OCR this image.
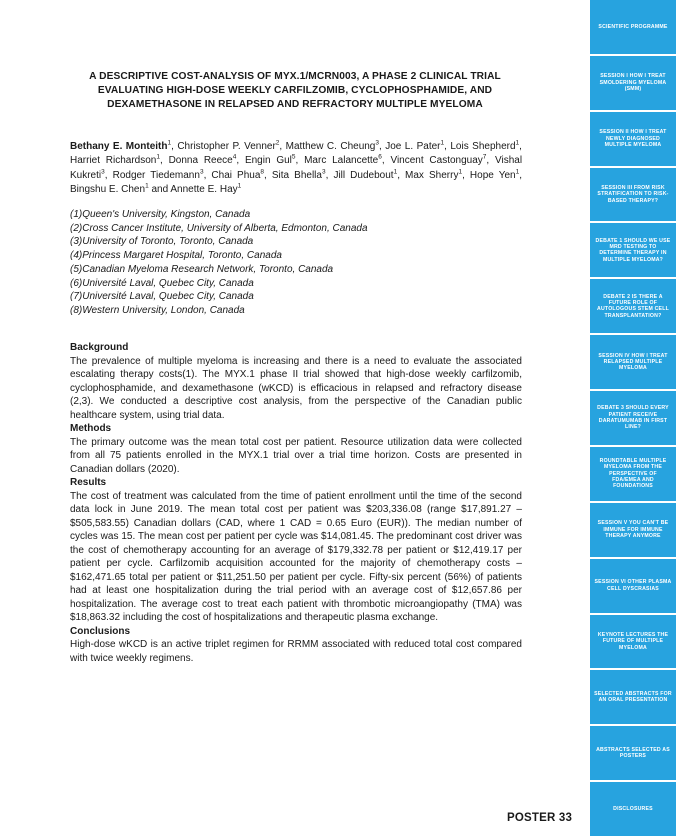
A DESCRIPTIVE COST-ANALYSIS OF MYX.1/MCRN003, A PHASE 2 CLINICAL TRIAL EVALUATING HIGH-DOSE WEEKLY CARFILZOMIB, CYCLOPHOSPHAMIDE, AND DEXAMETHASONE IN RELAPSED AND REFRACTORY MULTIPLE MYELOMA
Bethany E. Monteith$^1$, Christopher P. Venner$^2$, Matthew C. Cheung$^3$, Joe L. Pater$^1$, Lois Shepherd$^1$, Harriet Richardson$^1$, Donna Reece$^4$, Engin Gul$^5$, Marc Lalancette$^6$, Vincent Castonguay$^7$, Vishal Kukreti$^3$, Rodger Tiedemann$^3$, Chai Phua$^8$, Sita Bhella$^3$, Jill Dudebout$^1$, Max Sherry$^1$, Hope Yen$^1$, Bingshu E. Chen$^1$ and Annette E. Hay$^1$
(1)Queen's University, Kingston, Canada
(2)Cross Cancer Institute, University of Alberta, Edmonton, Canada
(3)University of Toronto, Toronto, Canada
(4)Princess Margaret Hospital, Toronto, Canada
(5)Canadian Myeloma Research Network, Toronto, Canada
(6)Université Laval, Quebec City, Canada
(7)Université Laval, Quebec City, Canada
(8)Western University, London, Canada
Background

The prevalence of multiple myeloma is increasing and there is a need to evaluate the associated escalating therapy costs(1). The MYX.1 phase II trial showed that high-dose weekly carfilzomib, cyclophosphamide, and dexamethasone (wKCD) is efficacious in relapsed and refractory disease (2,3). We conducted a descriptive cost analysis, from the perspective of the Canadian public healthcare system, using trial data.

Methods

The primary outcome was the mean total cost per patient. Resource utilization data were collected from all 75 patients enrolled in the MYX.1 trial over a trial time horizon. Costs are presented in Canadian dollars (2020).

Results

The cost of treatment was calculated from the time of patient enrollment until the time of the second data lock in June 2019. The mean total cost per patient was $203,336.08 (range $17,891.27 – $505,583.55) Canadian dollars (CAD, where 1 CAD = 0.65 Euro (EUR)). The median number of cycles was 15. The mean cost per patient per cycle was $14,081.45. The predominant cost driver was the cost of chemotherapy accounting for an average of $179,332.78 per patient or $12,419.17 per patient per cycle. Carfilzomib acquisition accounted for the majority of chemotherapy costs – $162,471.65 total per patient or $11,251.50 per patient per cycle. Fifty-six percent (56%) of patients had at least one hospitalization during the trial period with an average cost of $12,657.86 per hospitalization. The average cost to treat each patient with thrombotic microangiopathy (TMA) was $18,863.32 including the cost of hospitalizations and therapeutic plasma exchange.

Conclusions

High-dose wKCD is an active triplet regimen for RRMM associated with reduced total cost compared with twice weekly regimens.

POSTER 33
SCIENTIFIC PROGRAMME
SESSION I HOW I TREAT SMOLDERING MYELOMA (SMM)
SESSION II HOW I TREAT NEWLY DIAGNOSED MULTIPLE MYELOMA
SESSION III FROM RISK STRATIFICATION TO RISK-BASED THERAPY?
DEBATE 1 SHOULD WE USE MRD TESTING TO DETERMINE THERAPY IN MULTIPLE MYELOMA?
DEBATE 2 IS THERE A FUTURE ROLE OF AUTOLOGOUS STEM CELL TRANSPLANTATION?
SESSION IV HOW I TREAT RELAPSED MULTIPLE MYELOMA
DEBATE 3 SHOULD EVERY PATIENT RECEIVE DARATUMUMAB IN FIRST LINE?
ROUNDTABLE MULTIPLE MYELOMA FROM THE PERSPECTIVE OF FDA/EMEA AND FOUNDATIONS
SESSION V YOU CAN'T BE IMMUNE FOR IMMUNE THERAPY ANYMORE
SESSION VI OTHER PLASMA CELL DYSCRASIAS
KEYNOTE LECTURES THE FUTURE OF MULTIPLE MYELOMA
SELECTED ABSTRACTS FOR AN ORAL PRESENTATION
ABSTRACTS SELECTED AS POSTERS
DISCLOSURES
